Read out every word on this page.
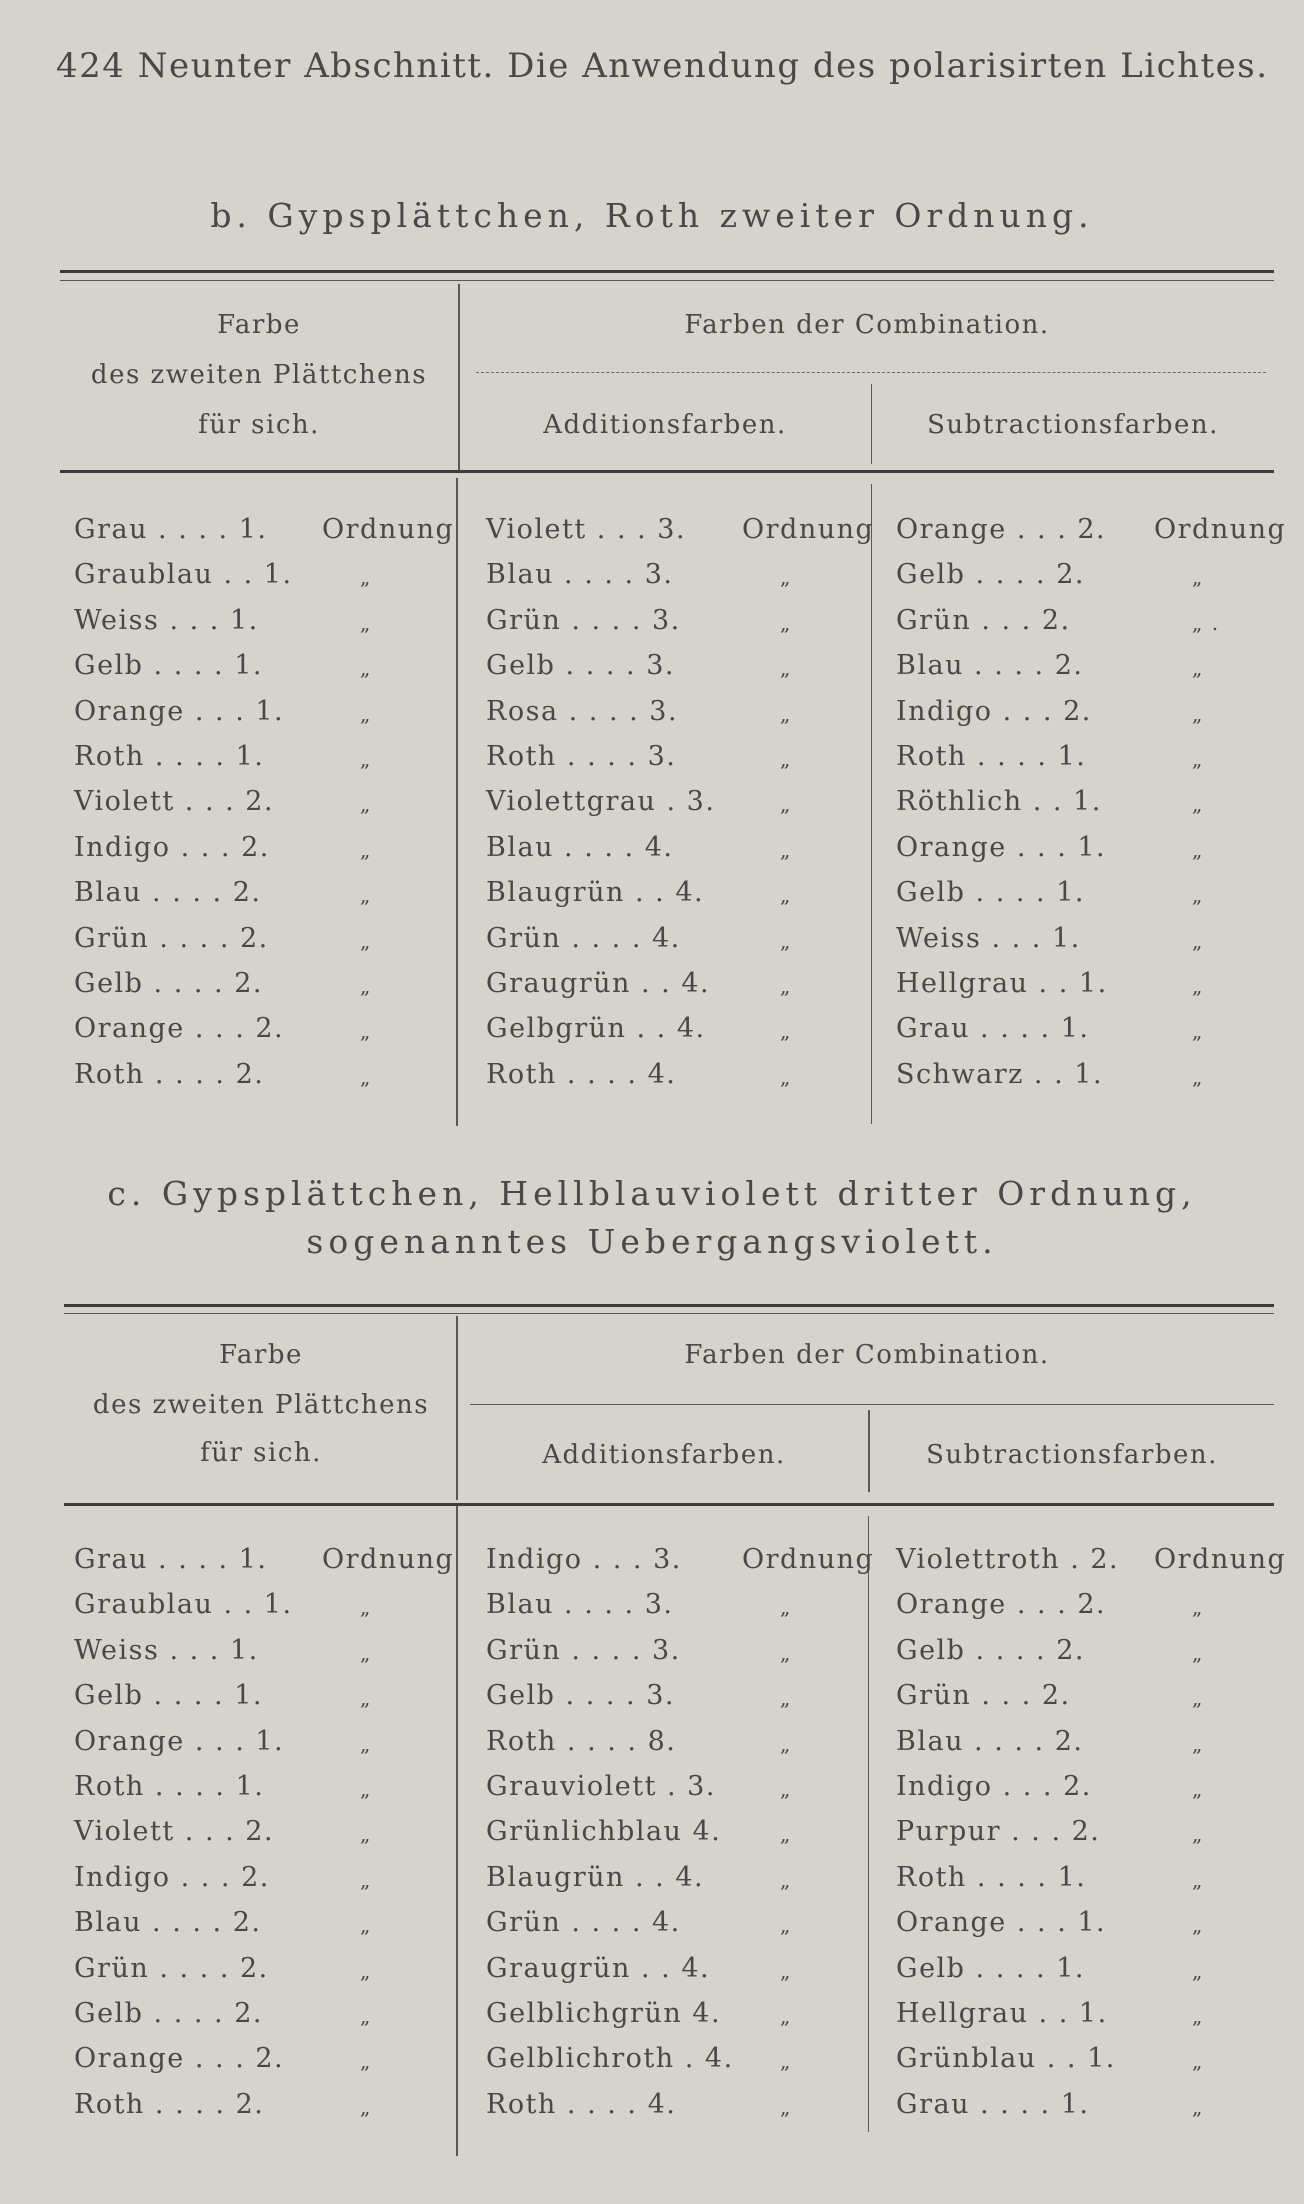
424 Neunter Abschnitt. Die Anwendung des polarisirten Lichtes.
b. Gypsplättchen, Roth zweiter Ordnung.
Farbe
des zweiten Plättchens
für sich.
Farben der Combination.
Additionsfarben.	Subtractionsfarben.
Grau . . . . 1. Ordnung Violett . . . 3. Ordnung Orange . . . 2. Ordnung
Graublau . . 1.	„	Blau . . . . 3.	„	Gelb . . . . 2.	„
Weiss . . . 1.	„	Grün . . . . 3.	„	Grün . . . 2.	„ .
Gelb . . . . 1.	„	Gelb . . . . 3.	„	Blau . . . . 2.	„
Orange . . . 1.	„	Rosa . . . . 3.	„	Indigo . . . 2.	„
Roth . . . . 1.	„	Roth . . . . 3.	„	Roth . . . . 1.	„
Violett . . . 2.	„	Violettgrau . 3.	„	Röthlich . . 1.	„
Indigo . . . 2.	„	Blau . . . . 4.	„	Orange . . . 1.	„
Blau . . . . 2.	„	Blaugrün . . 4.	„	Gelb . . . . 1.	„
Grün . . . . 2.	„	Grün . . . . 4.	„	Weiss . . . 1.	„
Gelb . . . . 2.	„	Graugrün . . 4.	„	Hellgrau . . 1.	„
Orange . . . 2.	„	Gelbgrün . . 4.	„	Grau . . . . 1.	„
Roth . . . . 2.	„	Roth . . . . 4.	„	Schwarz . . 1.	„
c. Gypsplättchen, Hellblauviolett dritter Ordnung,
sogenanntes Uebergangsviolett.
Farbe
des zweiten Plättchens
für sich.
Farben der Combination.
Additionsfarben.	Subtractionsfarben.
Grau . . . . 1. Ordnung Indigo . . . 3. Ordnung Violettroth . 2. Ordnung
Graublau . . 1.	„	Blau . . . . 3.	„	Orange . . . 2.	„
Weiss . . . 1.	„	Grün . . . . 3.	„	Gelb . . . . 2.	„
Gelb . . . . 1.	„	Gelb . . . . 3.	„	Grün . . . 2.	„
Orange . . . 1.	„	Roth . . . . 8.	„	Blau . . . . 2.	„
Roth . . . . 1.	„	Grauviolett . 3.	„	Indigo . . . 2.	„
Violett . . . 2.	„	Grünlichblau 4.	„	Purpur . . . 2.	„
Indigo . . . 2.	„	Blaugrün . . 4.	„	Roth . . . . 1.	„
Blau . . . . 2.	„	Grün . . . . 4.	„	Orange . . . 1.	„
Grün . . . . 2.	„	Graugrün . . 4.	„	Gelb . . . . 1.	„
Gelb . . . . 2.	„	Gelblichgrün 4.	„	Hellgrau . . 1.	„
Orange . . . 2.	„	Gelblichroth . 4. „	Grünblau . . 1.	„
Roth . . . . 2.	„	Roth . . . . 4.	„	Grau . . . . 1.	„
